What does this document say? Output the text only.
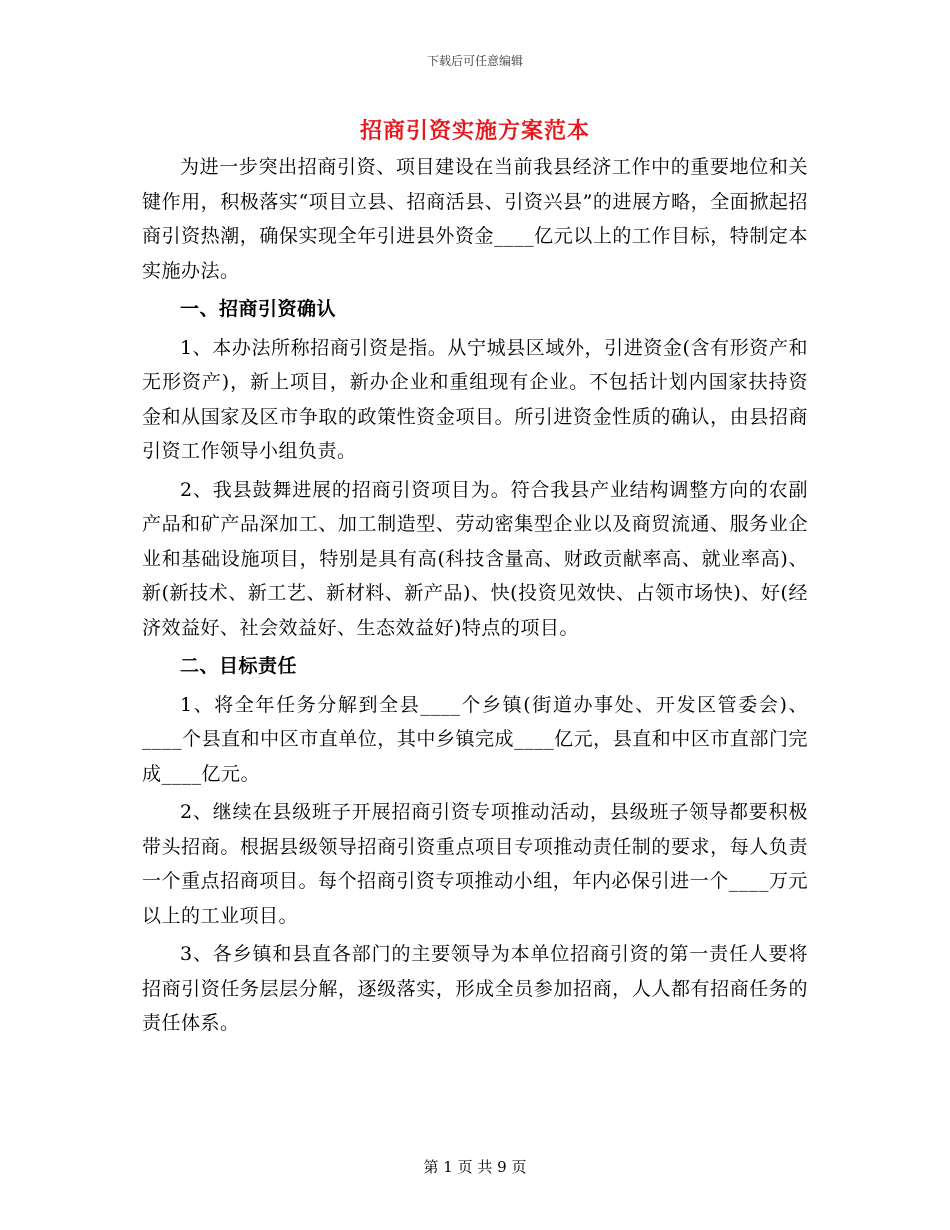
下载后可任意编辑
招商引资实施方案范本

为进一步突出招商引资、项目建设在当前我县经济工作中的重要地位和关键作用，积极落实“项目立县、招商活县、引资兴县”的进展方略，全面掀起招商引资热潮，确保实现全年引进县外资金____亿元以上的工作目标，特制定本实施办法。

一、招商引资确认

1、本办法所称招商引资是指。从宁城县区域外，引进资金(含有形资产和无形资产)，新上项目，新办企业和重组现有企业。不包括计划内国家扶持资金和从国家及区市争取的政策性资金项目。所引进资金性质的确认，由县招商引资工作领导小组负责。

2、我县鼓舞进展的招商引资项目为。符合我县产业结构调整方向的农副产品和矿产品深加工、加工制造型、劳动密集型企业以及商贸流通、服务业企业和基础设施项目，特别是具有高(科技含量高、财政贡献率高、就业率高)、新(新技术、新工艺、新材料、新产品)、快(投资见效快、占领市场快)、好(经济效益好、社会效益好、生态效益好)特点的项目。

二、目标责任

1、将全年任务分解到全县____个乡镇(街道办事处、开发区管委会)、____个县直和中区市直单位，其中乡镇完成____亿元，县直和中区市直部门完成____亿元。

2、继续在县级班子开展招商引资专项推动活动，县级班子领导都要积极带头招商。根据县级领导招商引资重点项目专项推动责任制的要求，每人负责一个重点招商项目。每个招商引资专项推动小组，年内必保引进一个____万元以上的工业项目。

3、各乡镇和县直各部门的主要领导为本单位招商引资的第一责任人要将招商引资任务层层分解，逐级落实，形成全员参加招商，人人都有招商任务的责任体系。

第 1 页 共 9 页
